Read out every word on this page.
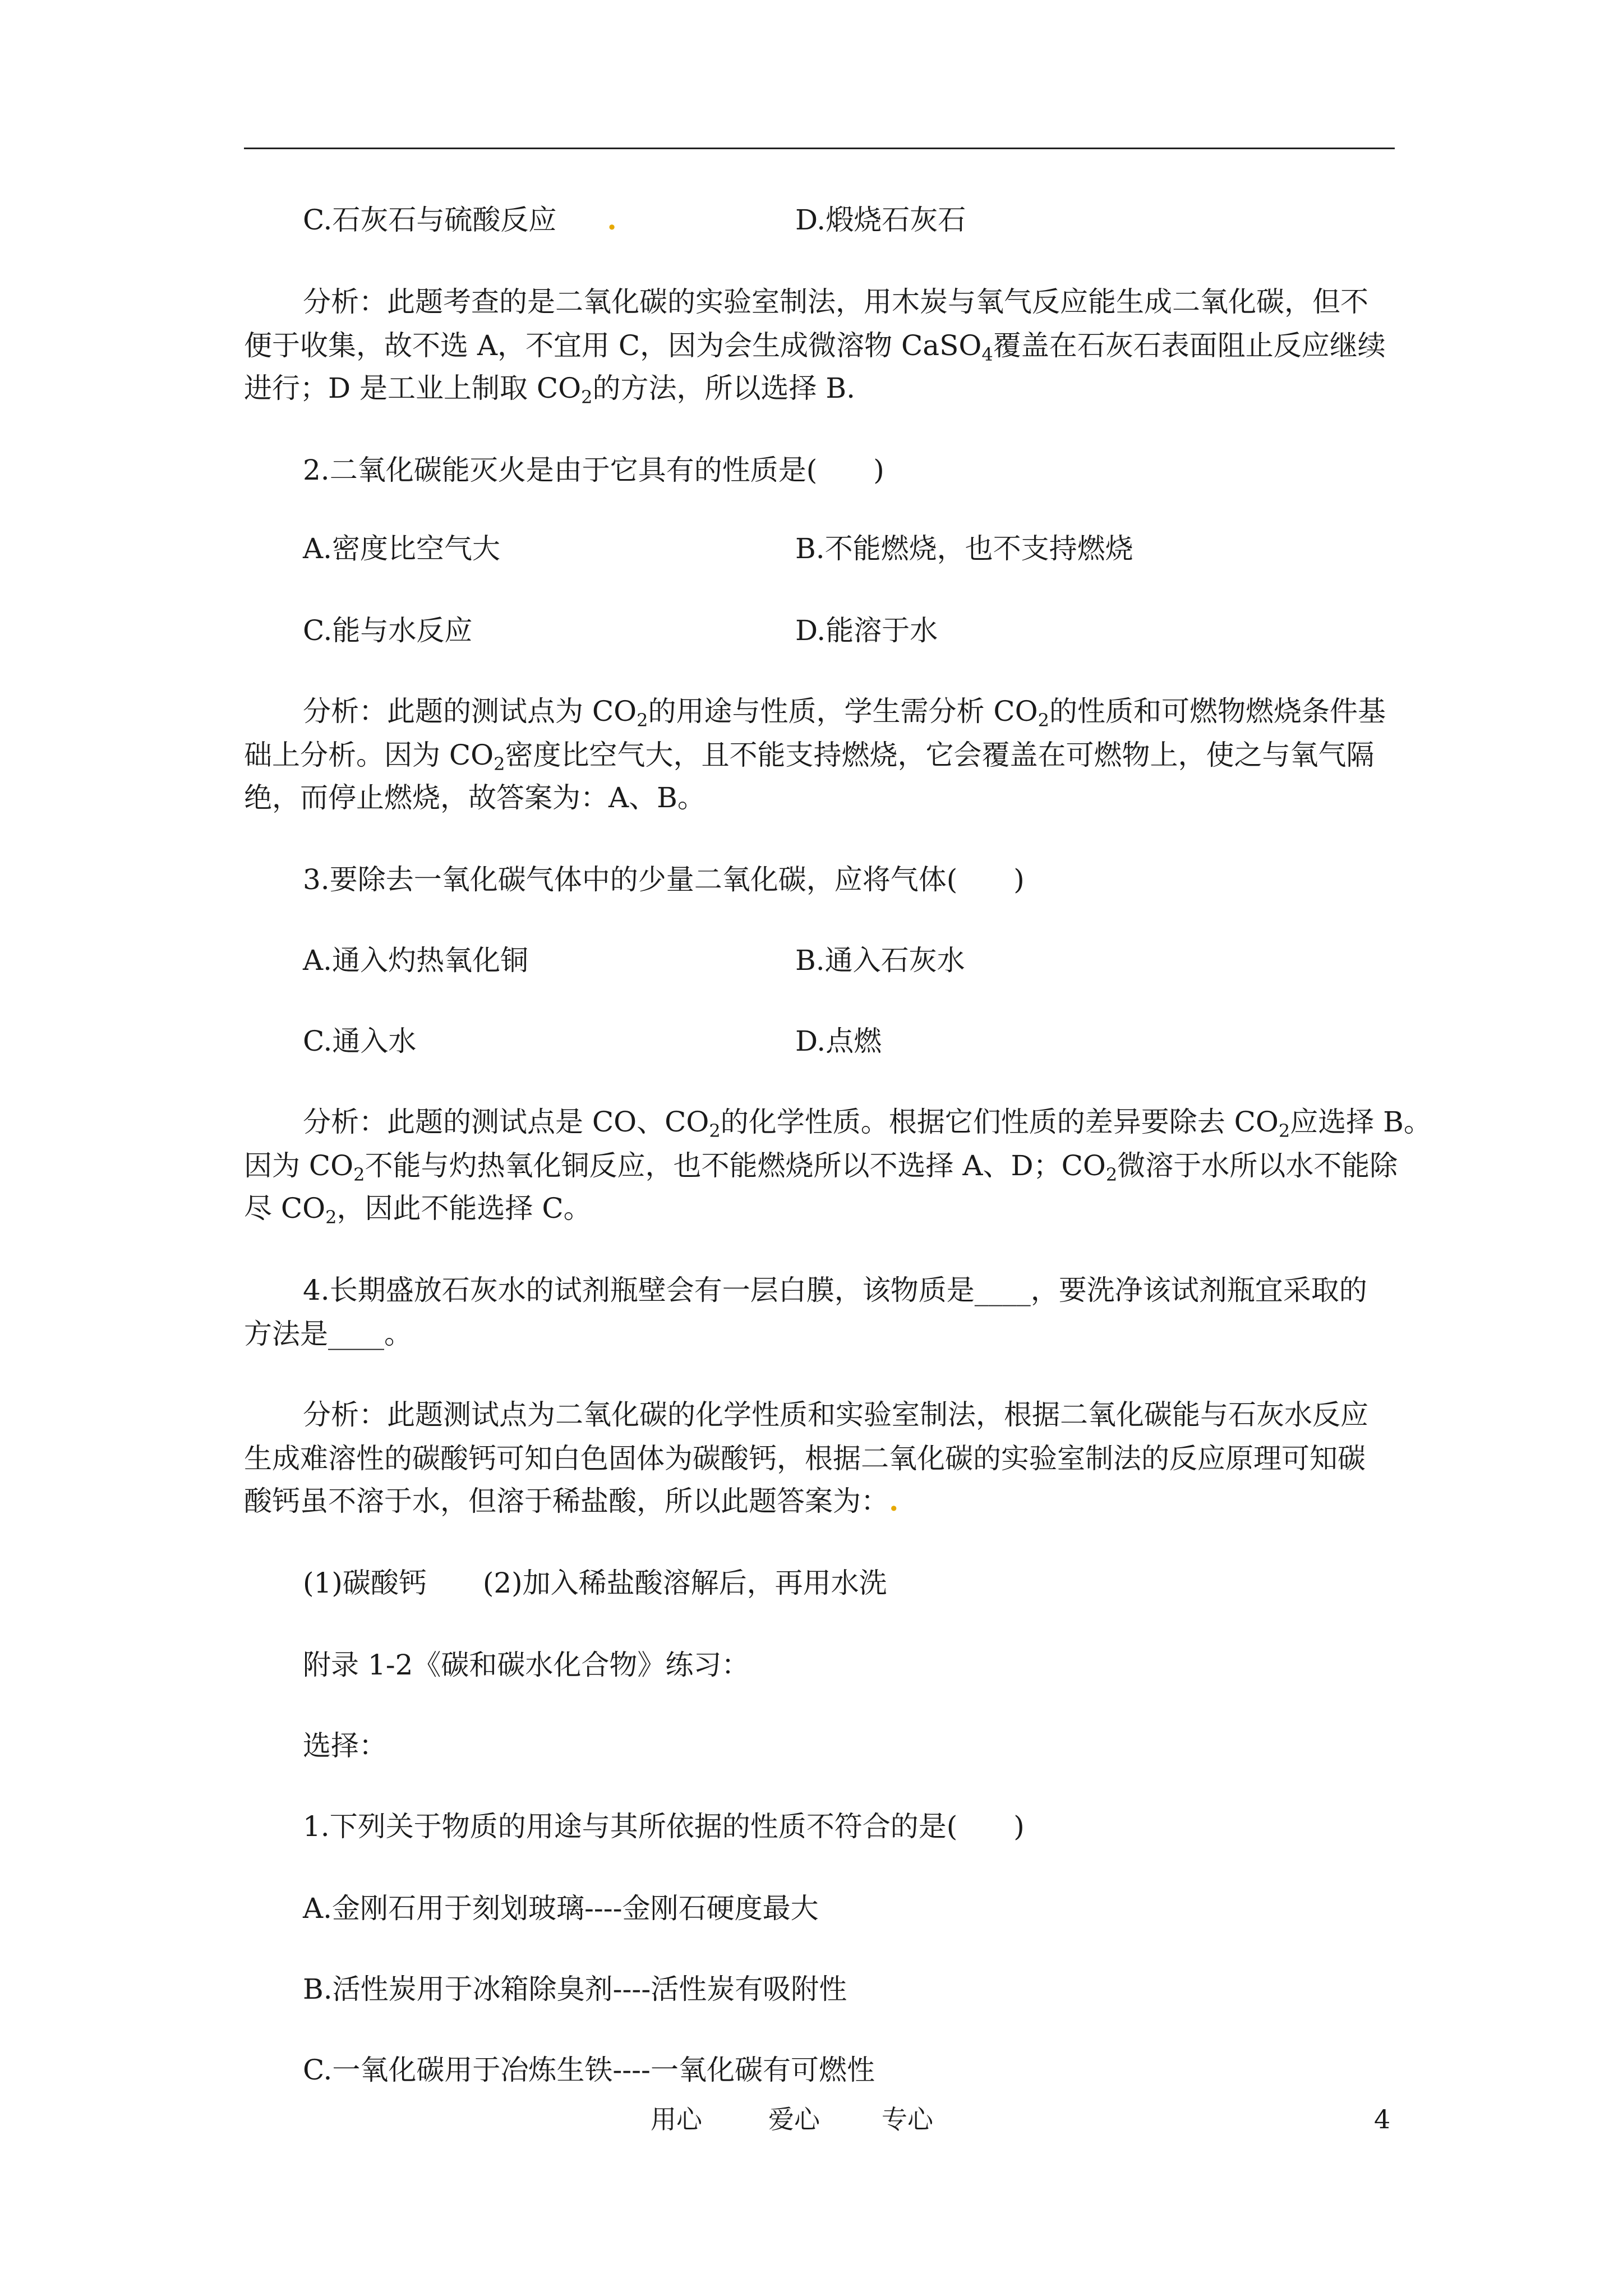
C.石灰石与硫酸反应 .	D.煅烧石灰石
分析：此题考查的是二氧化碳的实验室制法，用木炭与氧气反应能生成二氧化碳，但不
便于收集，故不选 A，不宜用 C，因为会生成微溶物 CaSO$_4$覆盖在石灰石表面阻止反应继续
进行；D 是工业上制取 $CO_2$的方法，所以选择 B.
2.二氧化碳能灭火是由于它具有的性质是(　　)
A.密度比空气大	B.不能燃烧，也不支持燃烧
C.能与水反应	D.能溶于水
分析：此题的测试点为 $CO_2$的用途与性质，学生需分析 $CO_2$的性质和可燃物燃烧条件基
础上分析。因为 $CO_2$密度比空气大，且不能支持燃烧，它会覆盖在可燃物上，使之与氧气隔
绝，而停止燃烧，故答案为：A、B。
3.要除去一氧化碳气体中的少量二氧化碳，应将气体(　　)
A.通入灼热氧化铜	B.通入石灰水
C.通入水	D.点燃
分析：此题的测试点是 CO、$CO_2$的化学性质。根据它们性质的差异要除去 $CO_2$应选择 B。
因为 $CO_2$不能与灼热氧化铜反应，也不能燃烧所以不选择 A、D；$CO_2$微溶于水所以水不能除
尽 $CO_2$，因此不能选择 C。
4.长期盛放石灰水的试剂瓶壁会有一层白膜，该物质是____，要洗净该试剂瓶宜采取的
方法是____。
分析：此题测试点为二氧化碳的化学性质和实验室制法，根据二氧化碳能与石灰水反应
生成难溶性的碳酸钙可知白色固体为碳酸钙，根据二氧化碳的实验室制法的反应原理可知碳
酸钙虽不溶于水，但溶于稀盐酸，所以此题答案为：.
(1)碳酸钙　　(2)加入稀盐酸溶解后，再用水洗
附录 1-2《碳和碳水化合物》练习：
选择：
1.下列关于物质的用途与其所依据的性质不符合的是(　　)
A.金刚石用于刻划玻璃----金刚石硬度最大
B.活性炭用于冰箱除臭剂----活性炭有吸附性
C.一氧化碳用于冶炼生铁----一氧化碳有可燃性
用心	爱心 专心	4
